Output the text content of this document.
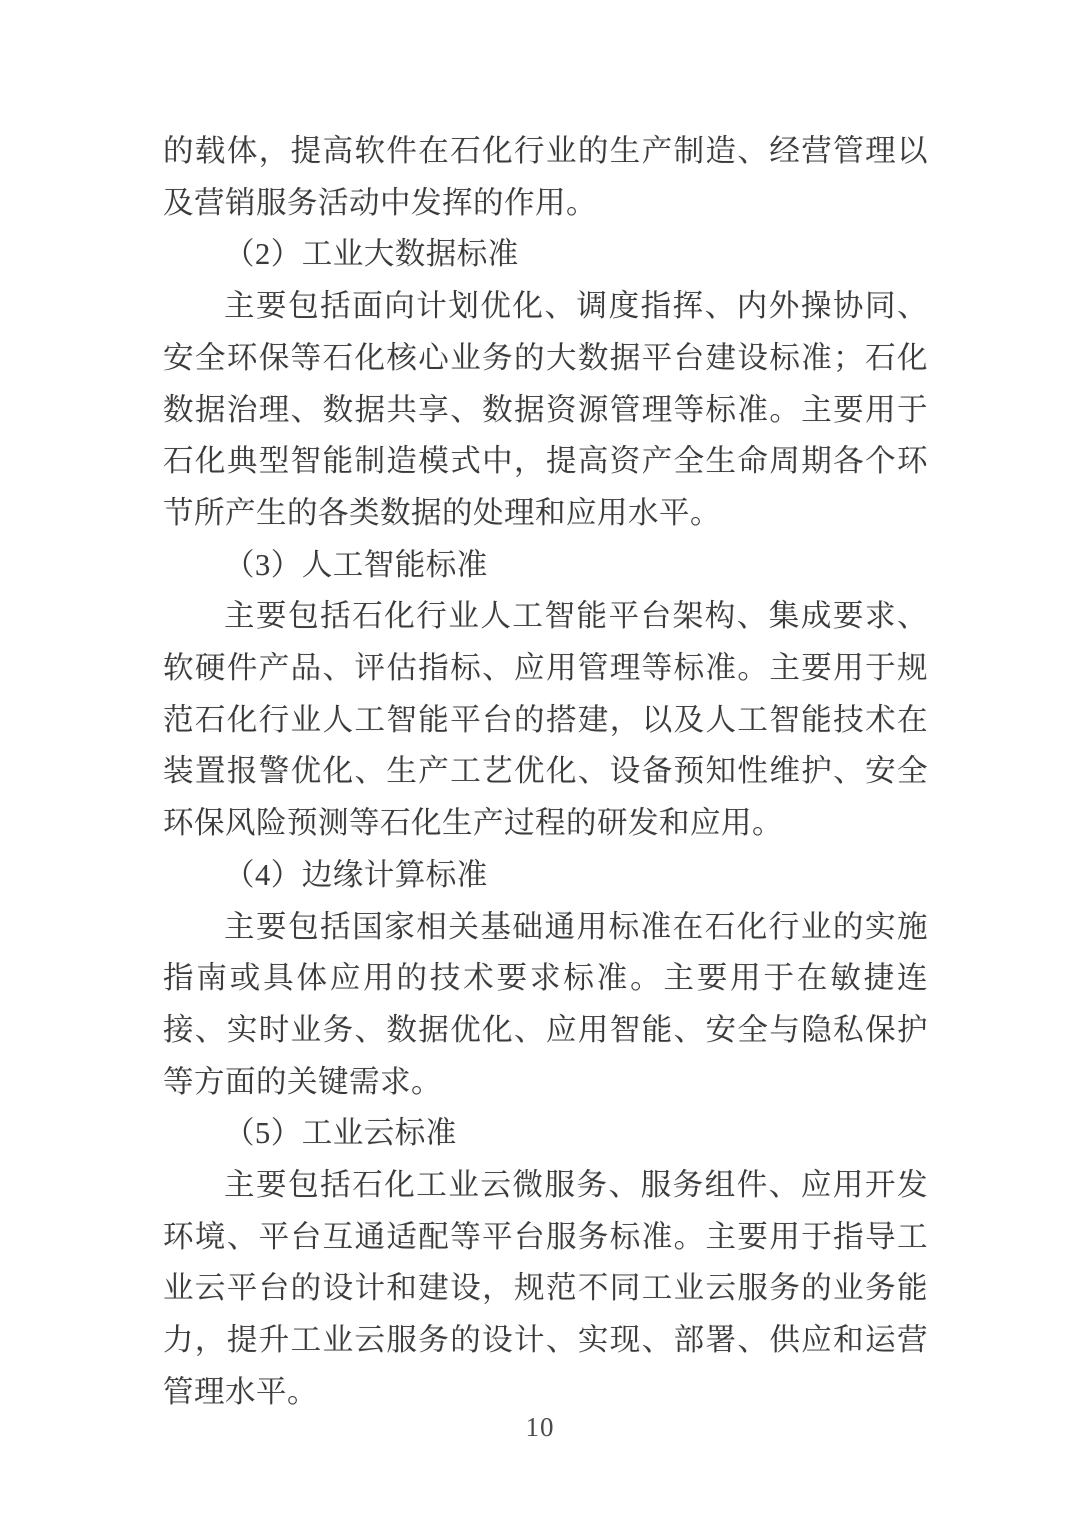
的载体，提高软件在石化行业的生产制造、经营管理以及营销服务活动中发挥的作用。

（2）工业大数据标准

主要包括面向计划优化、调度指挥、内外操协同、安全环保等石化核心业务的大数据平台建设标准；石化数据治理、数据共享、数据资源管理等标准。主要用于石化典型智能制造模式中，提高资产全生命周期各个环节所产生的各类数据的处理和应用水平。

（3）人工智能标准

主要包括石化行业人工智能平台架构、集成要求、软硬件产品、评估指标、应用管理等标准。主要用于规范石化行业人工智能平台的搭建，以及人工智能技术在装置报警优化、生产工艺优化、设备预知性维护、安全环保风险预测等石化生产过程的研发和应用。

（4）边缘计算标准

主要包括国家相关基础通用标准在石化行业的实施指南或具体应用的技术要求标准。主要用于在敏捷连接、实时业务、数据优化、应用智能、安全与隐私保护等方面的关键需求。

（5）工业云标准

主要包括石化工业云微服务、服务组件、应用开发环境、平台互通适配等平台服务标准。主要用于指导工业云平台的设计和建设，规范不同工业云服务的业务能力，提升工业云服务的设计、实现、部署、供应和运营管理水平。

10
